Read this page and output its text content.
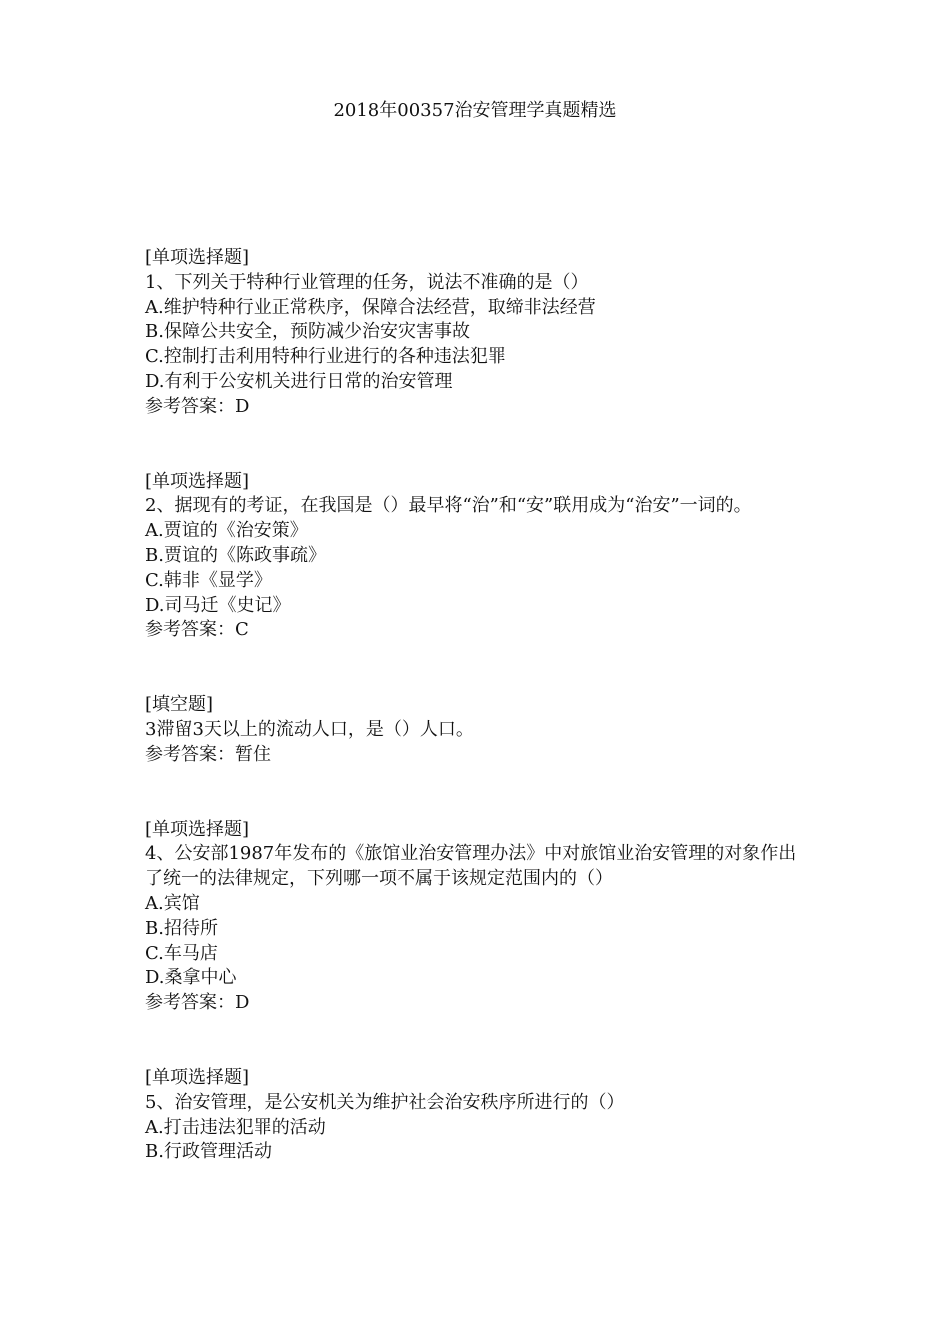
2018年00357治安管理学真题精选
[单项选择题]
1、下列关于特种行业管理的任务，说法不准确的是（）
A.维护特种行业正常秩序，保障合法经营，取缔非法经营
B.保障公共安全，预防减少治安灾害事故
C.控制打击利用特种行业进行的各种违法犯罪
D.有利于公安机关进行日常的治安管理
参考答案：D
[单项选择题]
2、据现有的考证，在我国是（）最早将“治”和“安”联用成为“治安”一词的。
A.贾谊的《治安策》
B.贾谊的《陈政事疏》
C.韩非《显学》
D.司马迁《史记》
参考答案：C
[填空题]
3滞留3天以上的流动人口，是（）人口。
参考答案：暂住
[单项选择题]
4、公安部1987年发布的《旅馆业治安管理办法》中对旅馆业治安管理的对象作出了统一的法律规定，下列哪一项不属于该规定范围内的（）
A.宾馆
B.招待所
C.车马店
D.桑拿中心
参考答案：D
[单项选择题]
5、治安管理，是公安机关为维护社会治安秩序所进行的（）
A.打击违法犯罪的活动
B.行政管理活动
